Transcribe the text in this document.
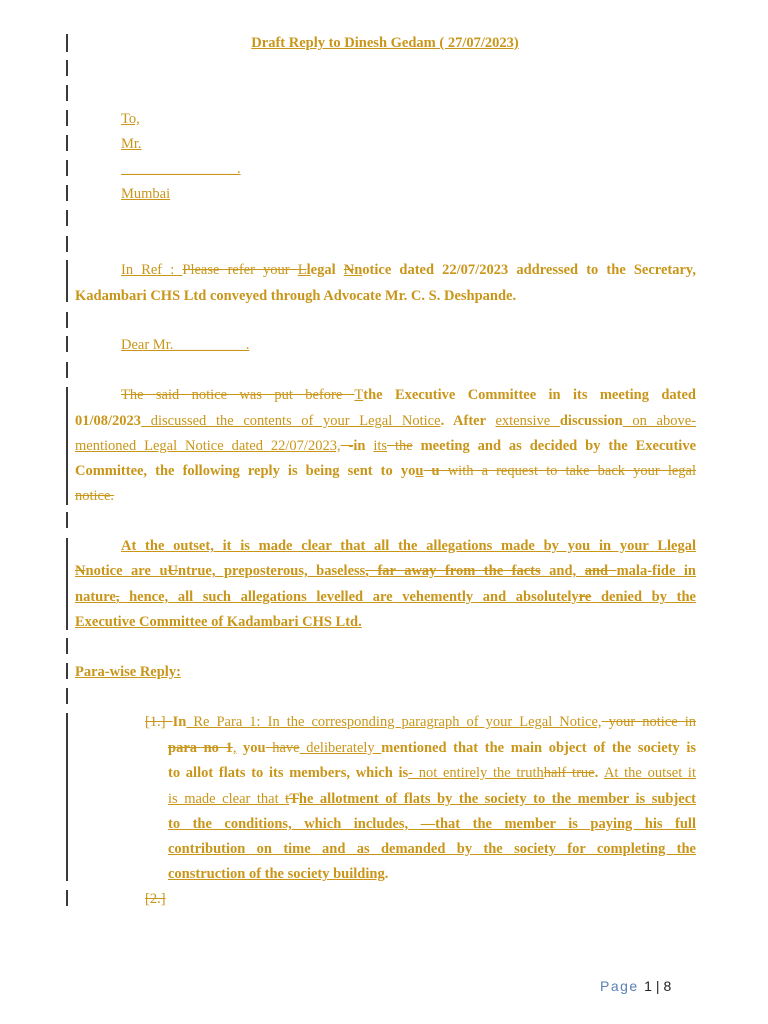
Draft Reply to Dinesh Gedam ( 27/07/2023)
To,
Mr.
________________.
Mumbai
In Ref : Please refer your Llegal Nnotice dated 22/07/2023 addressed to the Secretary,
Kadambari CHS Ltd conveyed through Advocate Mr. C. S. Deshpande.
Dear Mr.__________.
The said notice was put before Tthe Executive Committee in its meeting dated
01/08/2023 discussed the contents of your Legal Notice. After extensive discussion on above-
mentioned Legal Notice dated 22/07/2023, -in its the meeting and as decided by the Executive
Committee, the following reply is being sent to you u with a request to take back your legal
notice.
At the outset, it is made clear that all the allegations made by you in your Llegal
Nnotice are uUntrue, preposterous, baseless, far away from the facts and, and mala-fide in
nature, hence, all such allegations levelled are vehemently and absolutelyre denied by the
Executive Committee of Kadambari CHS Ltd.
Para-wise Reply:
[1.] In Re Para 1: In the corresponding paragraph of your Legal Notice, your notice in
para no 1, you have deliberately mentioned that the main object of the society is
to allot flats to its members, which is- not entirely the truthhalf true. At the outset it
is made clear that tThe allotment of flats by the society to the member is subject
to the conditions, which includes, —that the member is paying his full
contribution on time and as demanded by the society for completing the
construction of the society building.
[2.]
Page 1 | 8
